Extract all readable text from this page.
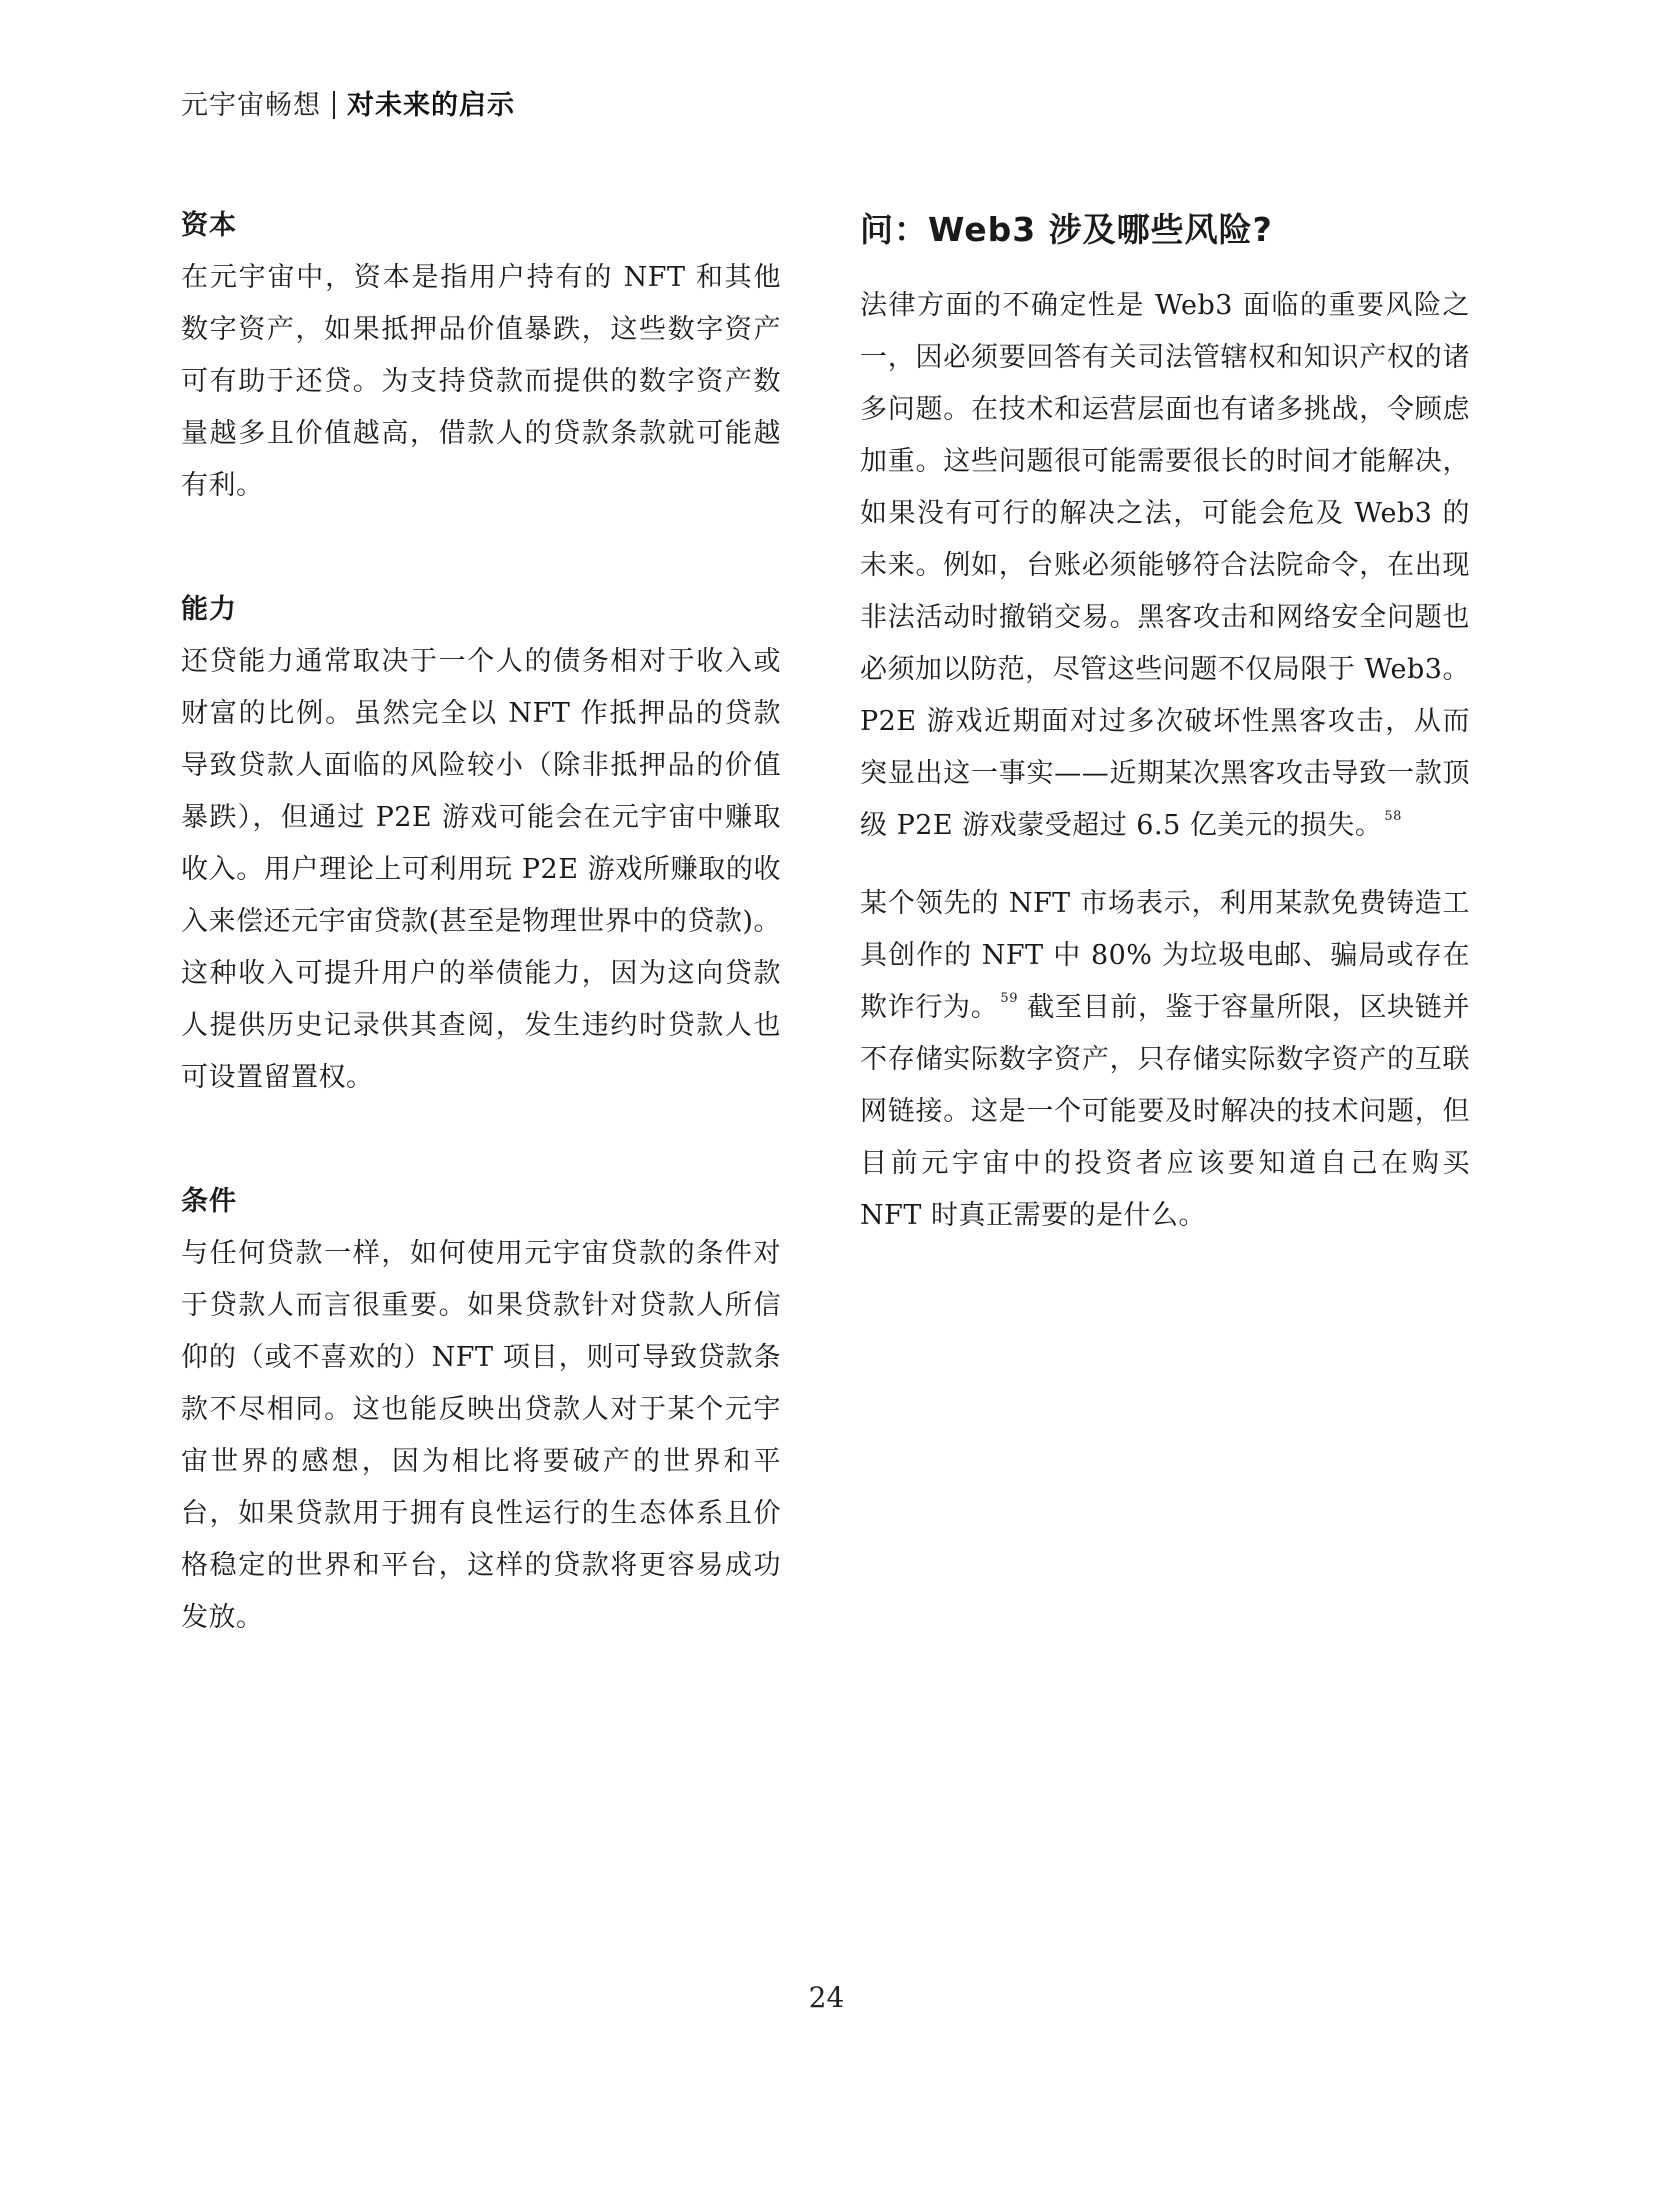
元宇宙畅想 对未来的启示
资本

在元宇宙中，资本是指用户持有的 NFT 和其他数字资产，如果抵押品价值暴跌，这些数字资产可有助于还贷。为支持贷款而提供的数字资产数量越多且价值越高，借款人的贷款条款就可能越有利。

能力

还贷能力通常取决于一个人的债务相对于收入或财富的比例。虽然完全以 NFT 作抵押品的贷款导致贷款人面临的风险较小（除非抵押品的价值暴跌），但通过 P2E 游戏可能会在元宇宙中赚取收入。用户理论上可利用玩 P2E 游戏所赚取的收入来偿还元宇宙贷款(甚至是物理世界中的贷款)。这种收入可提升用户的举债能力，因为这向贷款人提供历史记录供其查阅，发生违约时贷款人也可设置留置权。

条件

与任何贷款一样，如何使用元宇宙贷款的条件对于贷款人而言很重要。如果贷款针对贷款人所信仰的（或不喜欢的）NFT 项目，则可导致贷款条款不尽相同。这也能反映出贷款人对于某个元宇宙世界的感想，因为相比将要破产的世界和平台，如果贷款用于拥有良性运行的生态体系且价格稳定的世界和平台，这样的贷款将更容易成功发放。

问：Web3 涉及哪些风险?

法律方面的不确定性是 Web3 面临的重要风险之一，因必须要回答有关司法管辖权和知识产权的诸多问题。在技术和运营层面也有诸多挑战，令顾虑加重。这些问题很可能需要很长的时间才能解决，如果没有可行的解决之法，可能会危及 Web3 的未来。例如，台账必须能够符合法院命令，在出现非法活动时撤销交易。黑客攻击和网络安全问题也必须加以防范，尽管这些问题不仅局限于 Web3。P2E 游戏近期面对过多次破坏性黑客攻击，从而突显出这一事实——近期某次黑客攻击导致一款顶级 P2E 游戏蒙受超过 6.5 亿美元的损失。 $^{58}$

某个领先的 NFT 市场表示，利用某款免费铸造工具创作的 NFT 中 80% 为垃圾电邮、骗局或存在欺诈行为。 $^{59}$ 截至目前，鉴于容量所限，区块链并不存储实际数字资产，只存储实际数字资产的互联网链接。这是一个可能要及时解决的技术问题，但目前元宇宙中的投资者应该要知道自己在购买 NFT 时真正需要的是什么。

24
